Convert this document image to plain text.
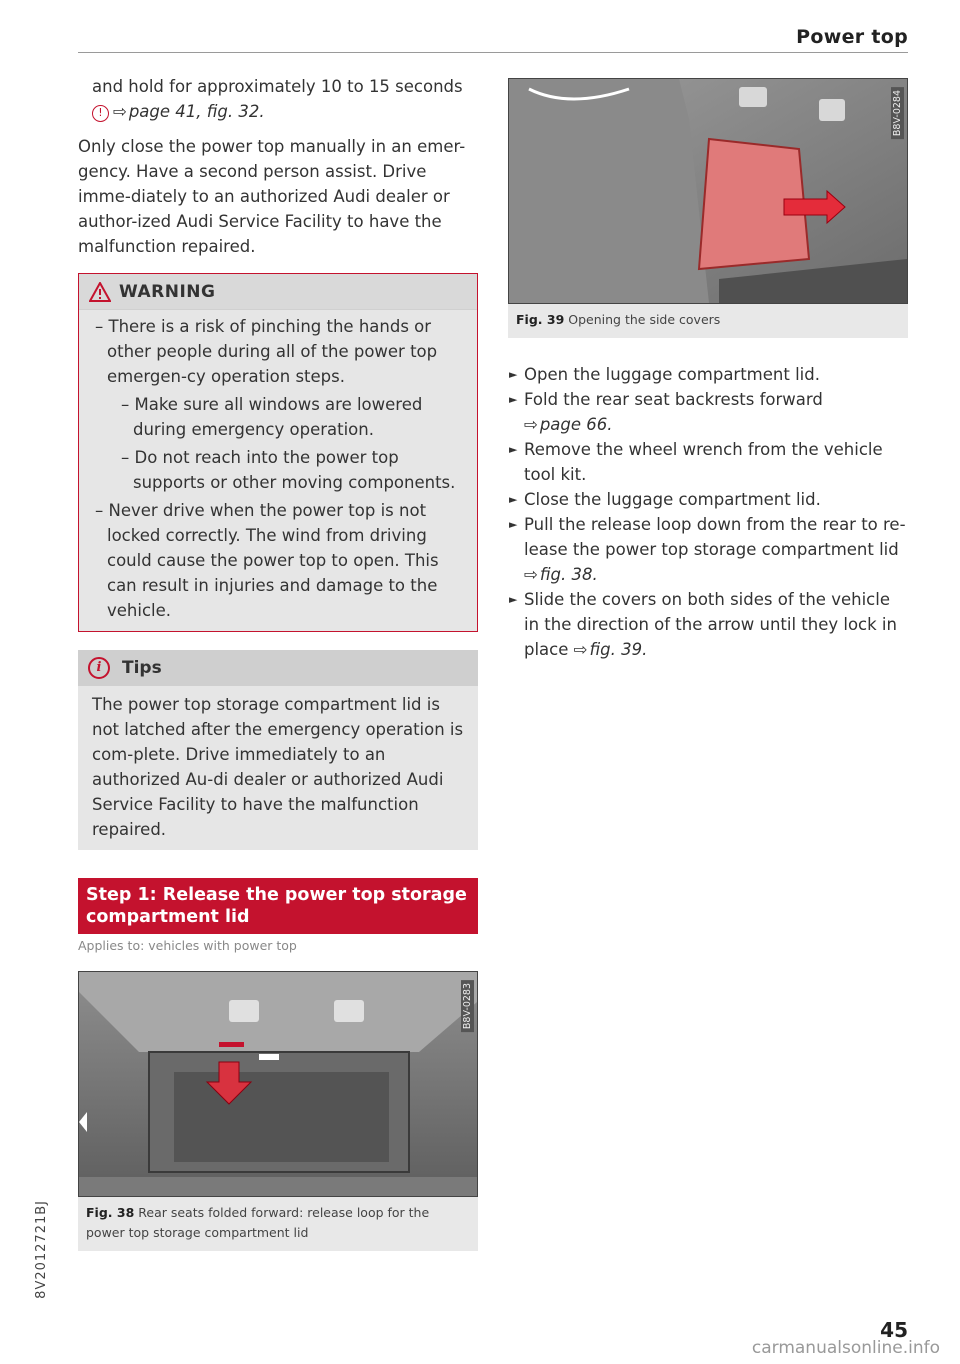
Power top
and hold for approximately 10 to 15 seconds
! ⇨ page 41, fig. 32.
Only close the power top manually in an emer-gency. Have a second person assist. Drive imme-diately to an authorized Audi dealer or author-ized Audi Service Facility to have the malfunction repaired.
WARNING
– There is a risk of pinching the hands or other people during all of the power top emergen-cy operation steps.
– Make sure all windows are lowered during emergency operation.
– Do not reach into the power top supports or other moving components.
– Never drive when the power top is not locked correctly. The wind from driving could cause the power top to open. This can result in injuries and damage to the vehicle.
i	Tips
The power top storage compartment lid is not latched after the emergency operation is com-plete. Drive immediately to an authorized Au-di dealer or authorized Audi Service Facility to have the malfunction repaired.
Step 1: Release the power top storage compartment lid
Applies to: vehicles with power top
B8V-0283
Fig. 38 Rear seats folded forward: release loop for the power top storage compartment lid
B8V-0284
Fig. 39 Opening the side covers
► Open the luggage compartment lid.
► Fold the rear seat backrests forward
⇨ page 66.
► Remove the wheel wrench from the vehicle tool kit.
► Close the luggage compartment lid.
► Pull the release loop down from the rear to re-lease the power top storage compartment lid
⇨ fig. 38.
► Slide the covers on both sides of the vehicle in the direction of the arrow until they lock in place ⇨ fig. 39.
8V2012721BJ
45
carmanualsonline.info
